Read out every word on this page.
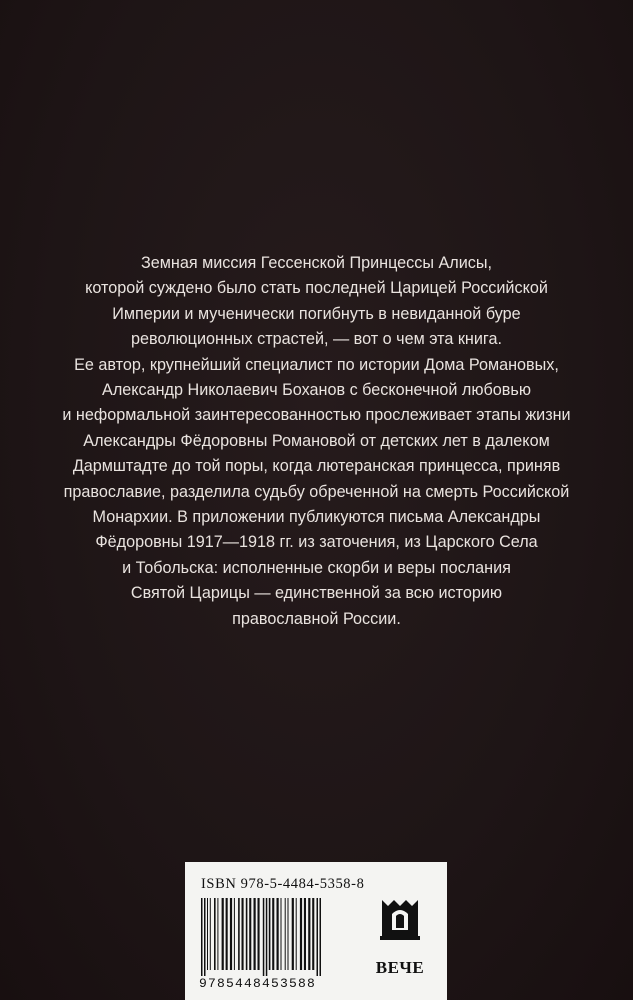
Земная миссия Гессенской Принцессы Алисы,
которой суждено было стать последней Царицей Российской
Империи и мученически погибнуть в невиданной буре
революционных страстей, — вот о чем эта книга.
Ее автор, крупнейший специалист по истории Дома Романовых,
Александр Николаевич Боханов с бесконечной любовью
и неформальной заинтересованностью прослеживает этапы жизни
Александры Фёдоровны Романовой от детских лет в далеком
Дармштадте до той поры, когда лютеранская принцесса, приняв
православие, разделила судьбу обреченной на смерть Российской
Монархии. В приложении публикуются письма Александры
Фёдоровны 1917—1918 гг. из заточения, из Царского Села
и Тобольска: исполненные скорби и веры послания
Святой Царицы — единственной за всю историю
православной России.
ISBN 978-5-4484-5358-8
9785448453588
ВЕЧЕ
